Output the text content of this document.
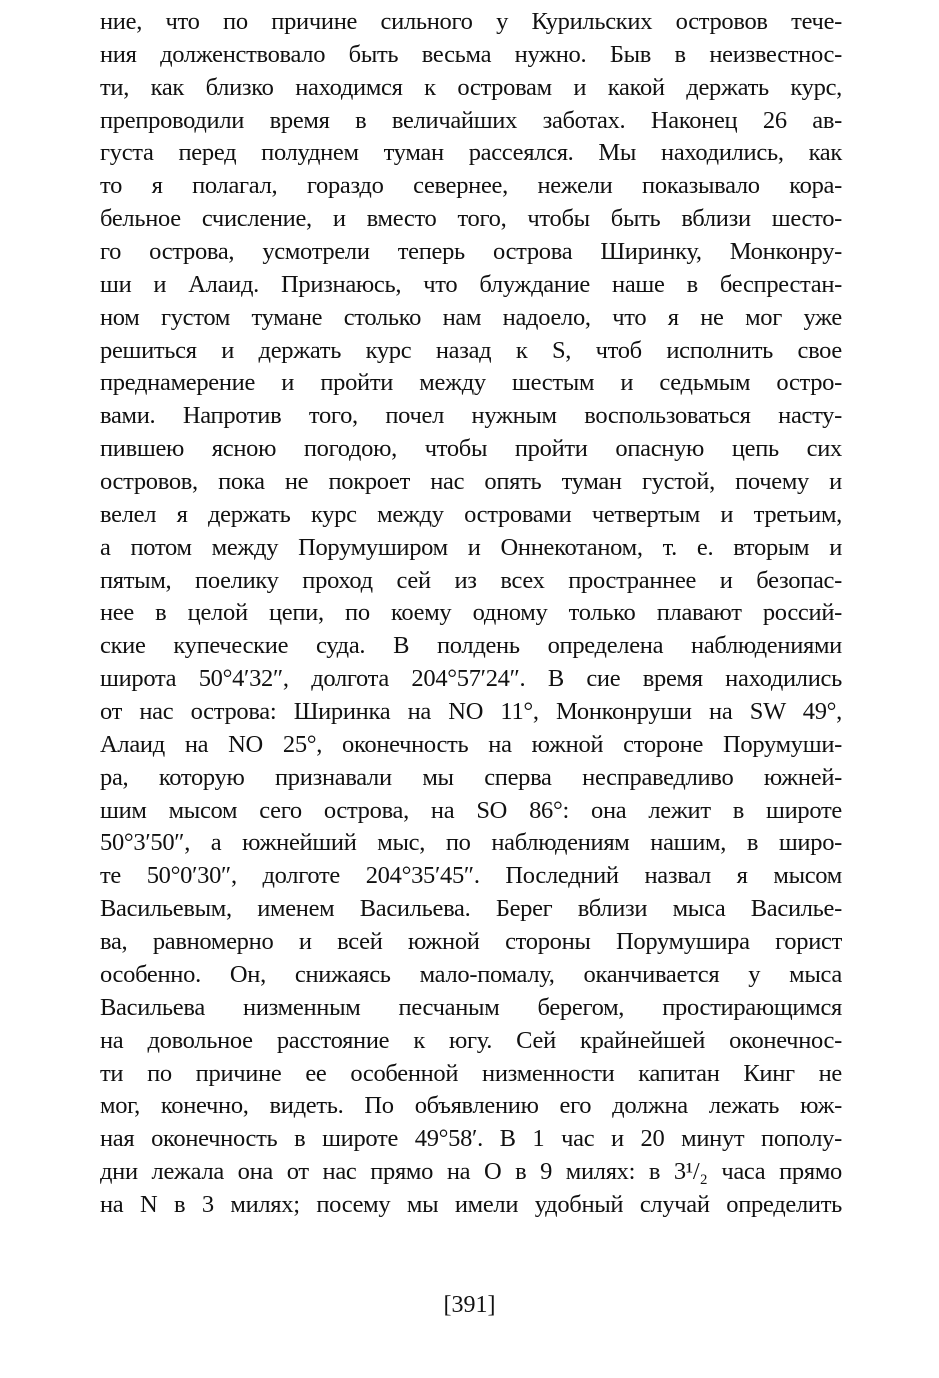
ние, что по причине сильного у Курильских островов тече-
ния долженствовало быть весьма нужно. Быв в неизвестнос-
ти, как близко находимся к островам и какой держать курс,
препроводили время в величайших заботах. Наконец 26 ав-
густа перед полуднем туман рассеялся. Мы находились, как
то я полагал, гораздо севернее, нежели показывало кора-
бельное счисление, и вместо того, чтобы быть вблизи шесто-
го острова, усмотрели теперь острова Ширинку, Монконру-
ши и Алаид. Признаюсь, что блуждание наше в беспрестан-
ном густом тумане столько нам надоело, что я не мог уже
решиться и держать курс назад к S, чтоб исполнить свое
преднамерение и пройти между шестым и седьмым остро-
вами. Напротив того, почел нужным воспользоваться насту-
пившею ясною погодою, чтобы пройти опасную цепь сих
островов, пока не покроет нас опять туман густой, почему и
велел я держать курс между островами четвертым и третьим,
а потом между Порумуширом и Оннекотаном, т. е. вторым и
пятым, поелику проход сей из всех пространнее и безопас-
нее в целой цепи, по коему одному только плавают россий-
ские купеческие суда. В полдень определена наблюдениями
широта 50°4′32″, долгота 204°57′24″. В сие время находились
от нас острова: Ширинка на NO 11°, Монконруши на SW 49°,
Алаид на NO 25°, оконечность на южной стороне Порумуши-
ра, которую признавали мы сперва несправедливо южней-
шим мысом сего острова, на SO 86°: она лежит в широте
50°3′50″, а южнейший мыс, по наблюдениям нашим, в широ-
те 50°0′30″, долготе 204°35′45″. Последний назвал я мысом
Васильевым, именем Васильева. Берег вблизи мыса Василье-
ва, равномерно и всей южной стороны Порумушира горист
особенно. Он, снижаясь мало-помалу, оканчивается у мыса
Васильева низменным песчаным берегом, простирающимся
на довольное расстояние к югу. Сей крайнейшей оконечнос-
ти по причине ее особенной низменности капитан Кинг не
мог, конечно, видеть. По объявлению его должна лежать юж-
ная оконечность в широте 49°58′. В 1 час и 20 минут пополу-
дни лежала она от нас прямо на O в 9 милях: в 3¹/₂ часа прямо
на N в 3 милях; посему мы имели удобный случай определить
[391]
